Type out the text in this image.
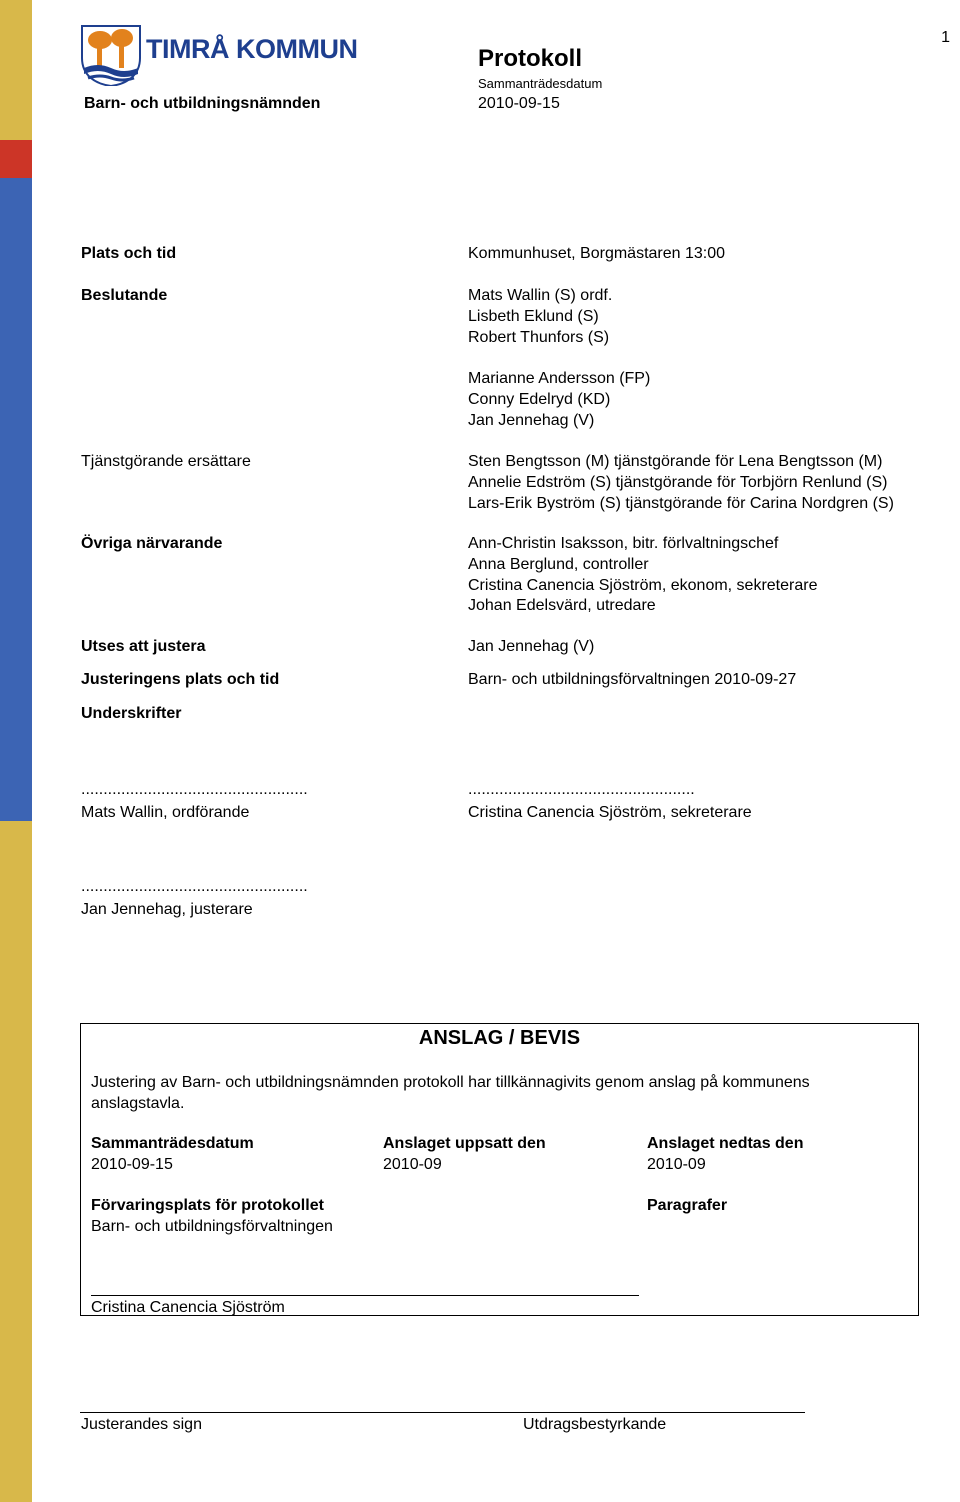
1
TIMRÅ KOMMUN
Barn- och utbildningsnämnden
Protokoll
Sammanträdesdatum
2010-09-15
Plats och tid	Kommunhuset, Borgmästaren 13:00
Beslutande	Mats Wallin (S) ordf.
Lisbeth Eklund (S)
Robert Thunfors (S)
Marianne Andersson (FP)
Conny Edelryd (KD)
Jan Jennehag (V)
Tjänstgörande ersättare	Sten Bengtsson (M) tjänstgörande för Lena Bengtsson (M)
Annelie Edström (S) tjänstgörande för Torbjörn Renlund (S)
Lars-Erik Byström (S) tjänstgörande för Carina Nordgren (S)
Övriga närvarande	Ann-Christin Isaksson, bitr. förlvaltningschef
Anna Berglund, controller
Cristina Canencia Sjöström, ekonom, sekreterare
Johan Edelsvärd, utredare
Utses att justera	Jan Jennehag (V)
Justeringens plats och tid	Barn- och utbildningsförvaltningen 2010-09-27
Underskrifter
...................................................
Mats Wallin, ordförande
...................................................
Cristina Canencia Sjöström, sekreterare
...................................................
Jan Jennehag, justerare
ANSLAG / BEVIS
Justering av Barn- och utbildningsnämnden protokoll har tillkännagivits genom anslag på kommunens anslagstavla.
Sammanträdesdatum
2010-09-15
Anslaget uppsatt den
2010-09
Anslaget nedtas den
2010-09
Förvaringsplats för protokollet
Barn- och utbildningsförvaltningen
Paragrafer
Cristina Canencia Sjöström
Justerandes sign	Utdragsbestyrkande
